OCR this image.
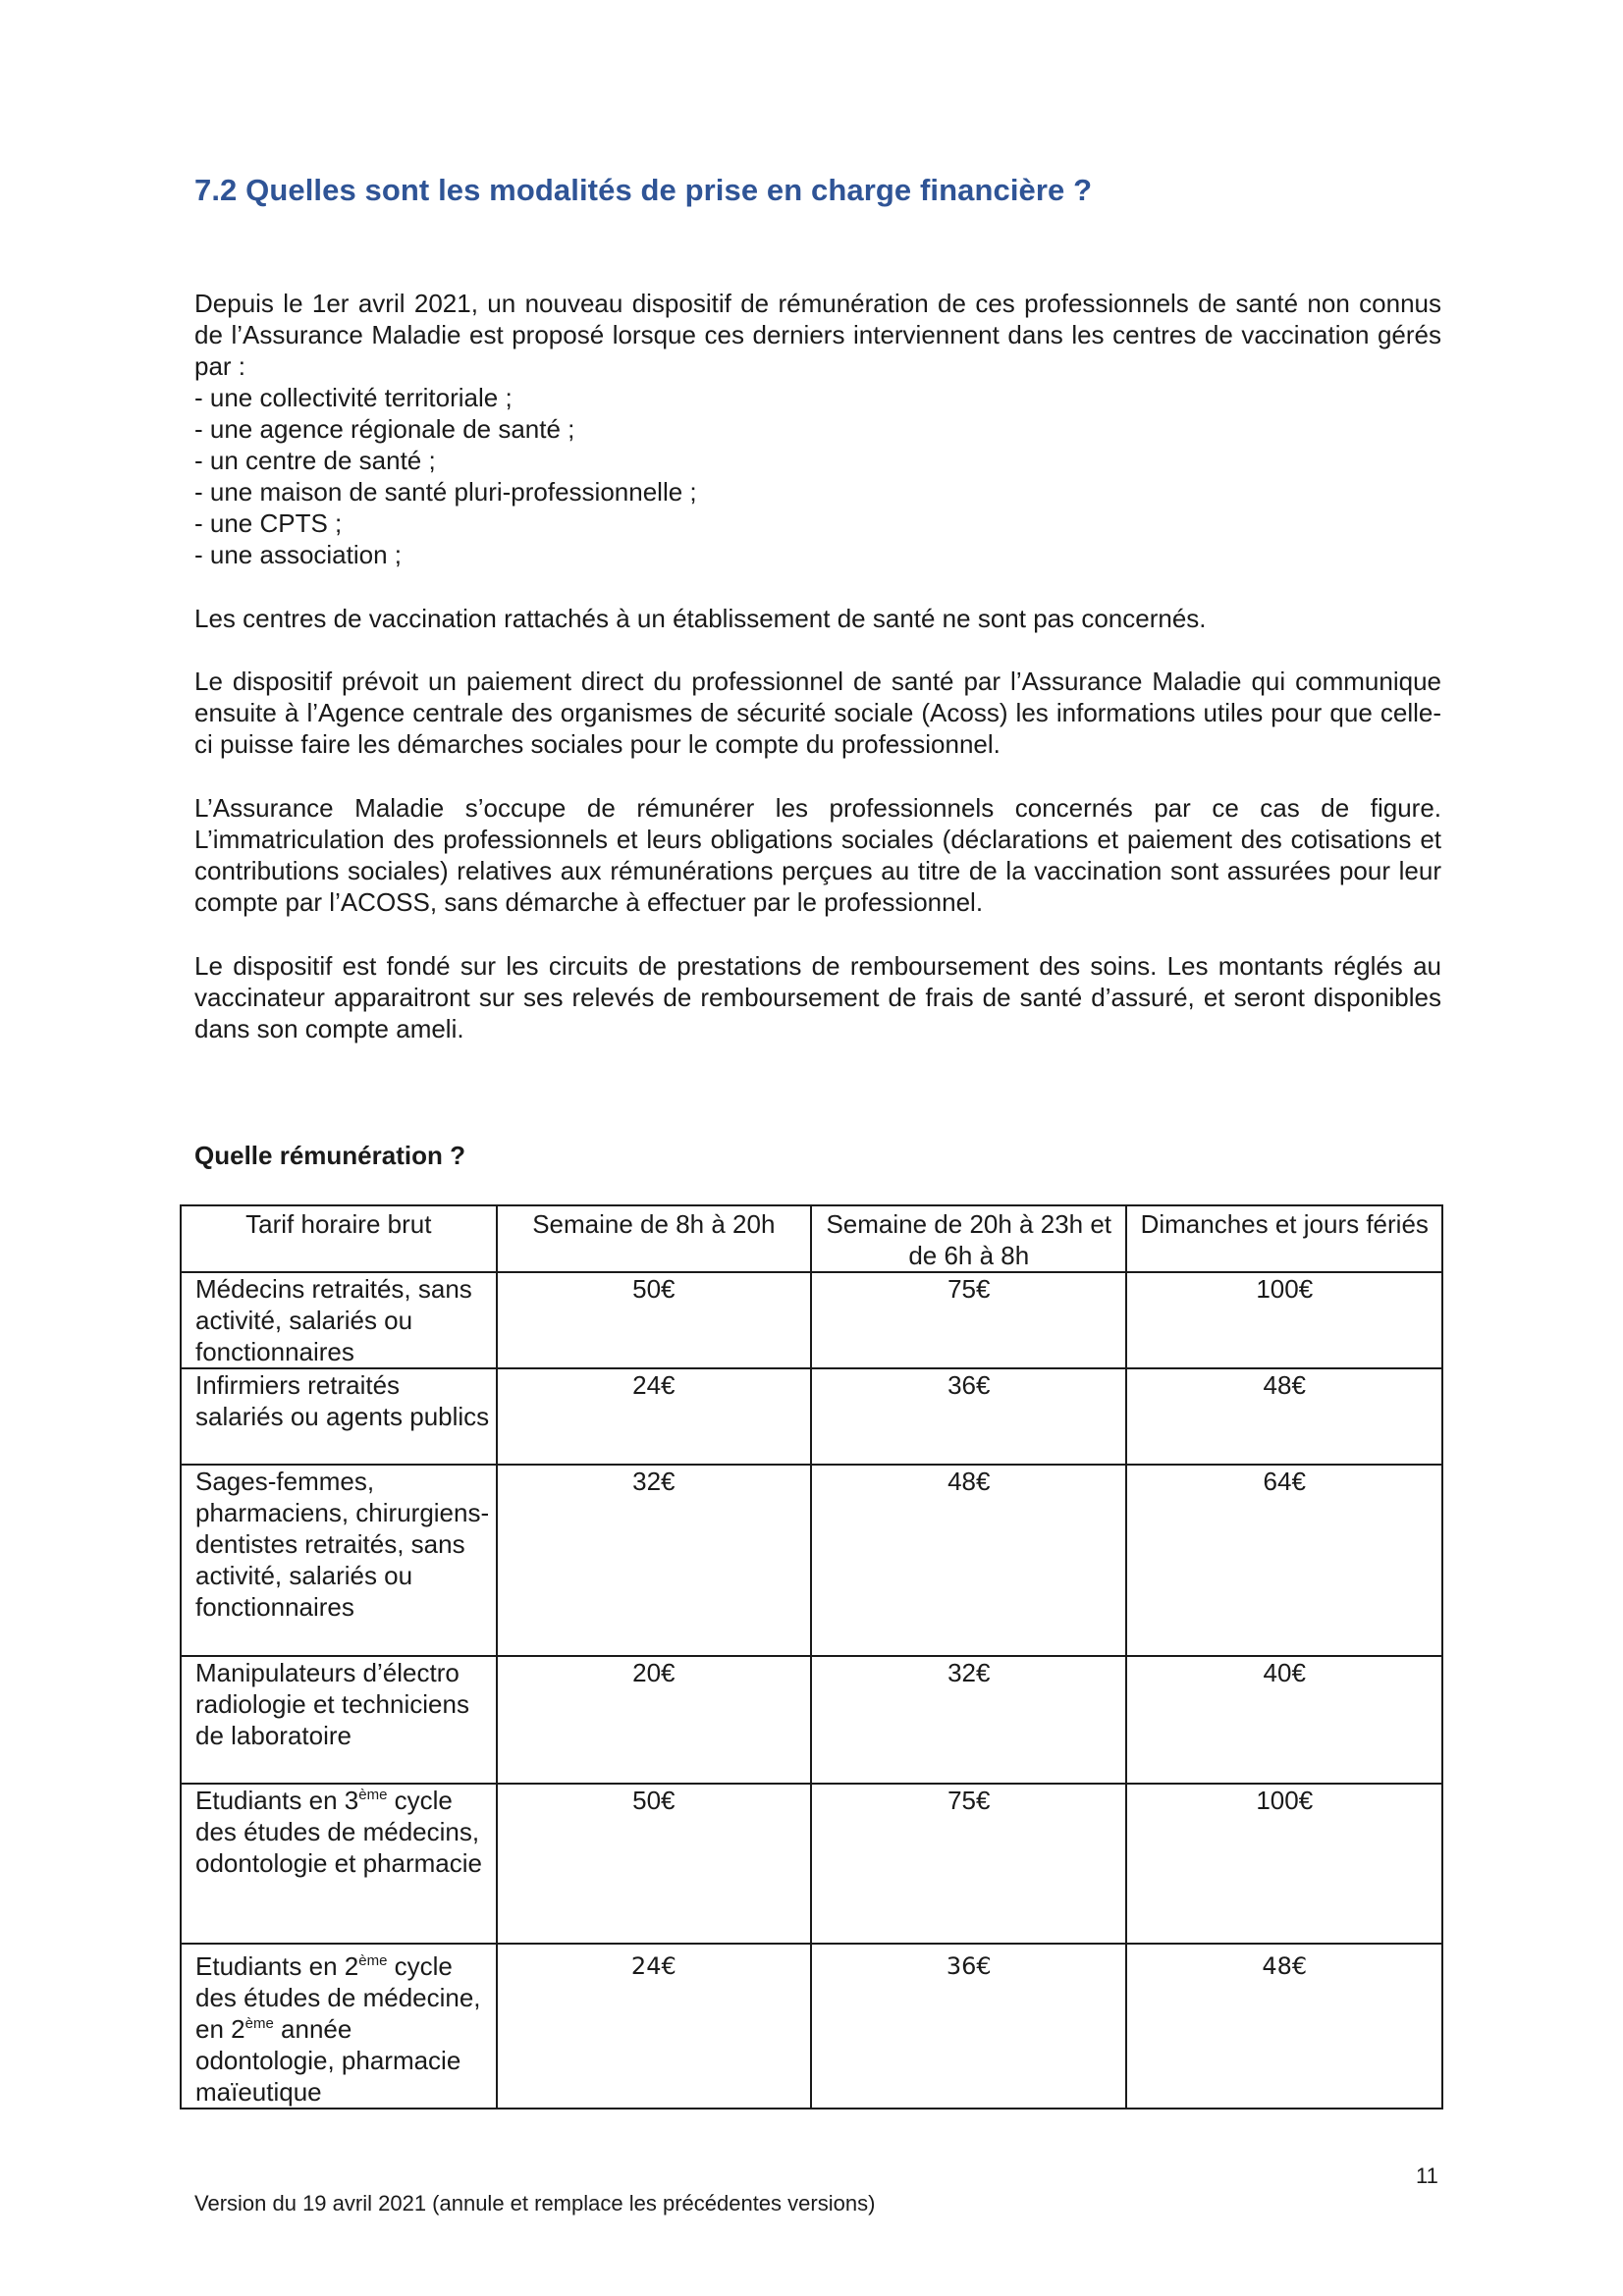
7.2 Quelles sont les modalités de prise en charge financière ?

Depuis le 1er avril 2021, un nouveau dispositif de rémunération de ces professionnels de santé non connus de l’Assurance Maladie est proposé lorsque ces derniers interviennent dans les centres de vaccination gérés par :

- une collectivité territoriale ;
- une agence régionale de santé ;
- un centre de santé ;
- une maison de santé pluri-professionnelle ;
- une CPTS ;
- une association ;

Les centres de vaccination rattachés à un établissement de santé ne sont pas concernés.

Le dispositif prévoit un paiement direct du professionnel de santé par l’Assurance Maladie qui communique ensuite à l’Agence centrale des organismes de sécurité sociale (Acoss) les informations utiles pour que celle-ci puisse faire les démarches sociales pour le compte du professionnel.

L’Assurance Maladie s’occupe de rémunérer les professionnels concernés par ce cas de figure. L’immatriculation des professionnels et leurs obligations sociales (déclarations et paiement des cotisations et contributions sociales) relatives aux rémunérations perçues au titre de la vaccination sont assurées pour leur compte par l’ACOSS, sans démarche à effectuer par le professionnel.

Le dispositif est fondé sur les circuits de prestations de remboursement des soins. Les montants réglés au vaccinateur apparaitront sur ses relevés de remboursement de frais de santé d’assuré, et seront disponibles dans son compte ameli.

Quelle rémunération ?
Tarif horaire brut	Semaine de 8h à 20h	Semaine de 20h à 23h et de 6h à 8h	Dimanches et jours fériés
Médecins retraités, sans activité, salariés ou fonctionnaires	50€	75€	100€
Infirmiers retraités salariés ou agents publics	24€	36€	48€
Sages-femmes, pharmaciens, chirurgiens-dentistes retraités, sans activité, salariés ou fonctionnaires	32€	48€	64€
Manipulateurs d’électro radiologie et techniciens de laboratoire	20€	32€	40€
Etudiants en 3ème cycle des études de médecins, odontologie et pharmacie	50€	75€	100€
Etudiants en 2ème cycle des études de médecine, en 2ème année odontologie, pharmacie maïeutique	24€	36€	48€

11

Version du 19 avril 2021 (annule et remplace les précédentes versions)
